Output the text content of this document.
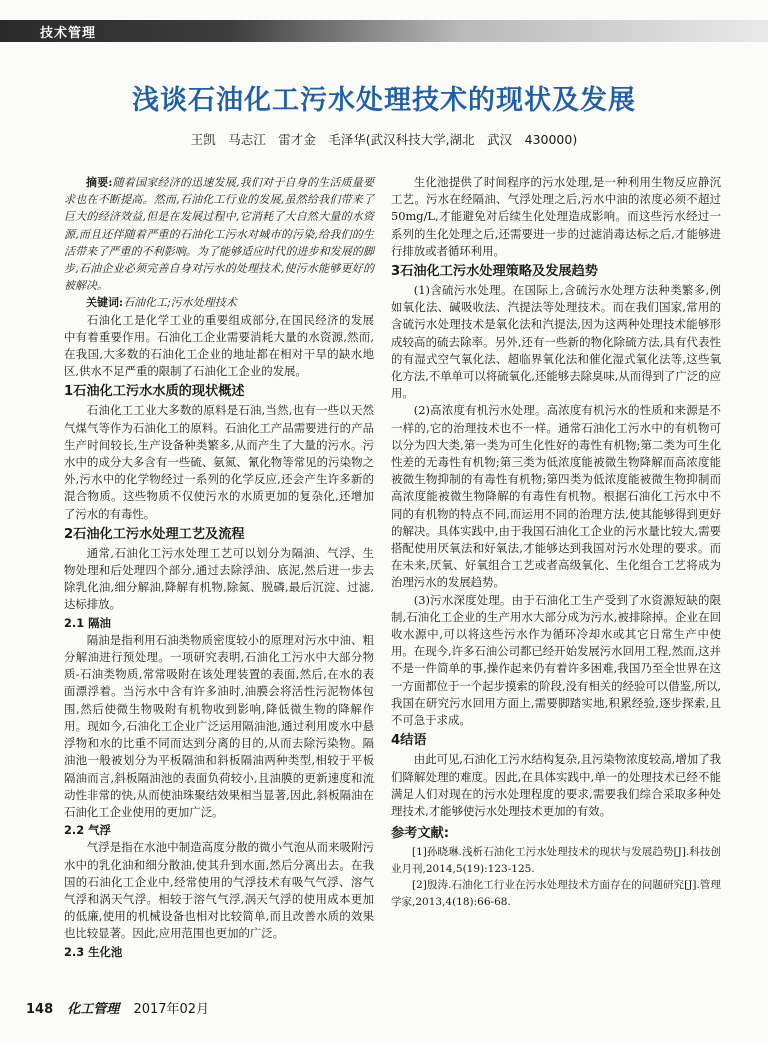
技术管理
浅谈石油化工污水处理技术的现状及发展
王凯　马志江　雷才金　毛泽华(武汉科技大学,湖北　武汉　430000)

摘要:随着国家经济的迅速发展,我们对于自身的生活质量要求也在不断提高。然而,石油化工行业的发展,虽然给我们带来了巨大的经济效益,但是在发展过程中,它消耗了大自然大量的水资源,而且还伴随着严重的石油化工污水对城市的污染,给我们的生活带来了严重的不利影响。为了能够适应时代的进步和发展的脚步,石油企业必须完善自身对污水的处理技术,使污水能够更好的被解决。

关键词:石油化工;污水处理技术

石油化工是化学工业的重要组成部分,在国民经济的发展中有着重要作用。石油化工企业需要消耗大量的水资源,然而,在我国,大多数的石油化工企业的地址都在相对干旱的缺水地区,供水不足严重的限制了石油化工企业的发展。

1石油化工污水水质的现状概述

石油化工工业大多数的原料是石油,当然,也有一些以天然气煤气等作为石油化工的原料。石油化工产品需要进行的产品生产时间较长,生产设备种类繁多,从而产生了大量的污水。污水中的成分大多含有一些硫、氨氮、氰化物等常见的污染物之外,污水中的化学物经过一系列的化学反应,还会产生许多新的混合物质。这些物质不仅使污水的水质更加的复杂化,还增加了污水的有毒性。

2石油化工污水处理工艺及流程

通常,石油化工污水处理工艺可以划分为隔油、气浮、生物处理和后处理四个部分,通过去除浮油、底泥,然后进一步去除乳化油,细分解油,降解有机物,除氮、脱磷,最后沉淀、过滤,达标排放。

2.1 隔油

隔油是指利用石油类物质密度较小的原理对污水中油、粗分解油进行预处理。一项研究表明,石油化工污水中大部分物质-石油类物质,常常吸附在该处理装置的表面,然后,在水的表面漂浮着。当污水中含有许多油时,油膜会将活性污泥物体包围,然后使微生物吸附有机物收到影响,降低微生物的降解作用。现如今,石油化工企业广泛运用隔油池,通过利用废水中悬浮物和水的比重不同而达到分离的目的,从而去除污染物。隔油池一般被划分为平板隔油和斜板隔油两种类型,相较于平板隔油而言,斜板隔油池的表面负荷较小,且油膜的更新速度和流动性非常的快,从而使油珠聚结效果相当显著,因此,斜板隔油在石油化工企业使用的更加广泛。

2.2 气浮

气浮是指在水池中制造高度分散的微小气泡从而来吸附污水中的乳化油和细分散油,使其升到水面,然后分离出去。在我国的石油化工企业中,经常使用的气浮技术有吸气气浮、溶气气浮和涡天气浮。相较于溶气气浮,涡天气浮的使用成本更加的低廉,使用的机械设备也相对比较简单,而且改善水质的效果也比较显著。因此,应用范围也更加的广泛。

2.3 生化池

生化池提供了时间程序的污水处理,是一种利用生物反应静沉工艺。污水在经隔油、气浮处理之后,污水中油的浓度必须不超过50mg/L,才能避免对后续生化处理造成影响。而这些污水经过一系列的生化处理之后,还需要进一步的过滤消毒达标之后,才能够进行排放或者循环利用。

3石油化工污水处理策略及发展趋势

(1)含硫污水处理。在国际上,含硫污水处理方法种类繁多,例如氧化法、碱吸收法、汽提法等处理技术。而在我们国家,常用的含硫污水处理技术是氧化法和汽提法,因为这两种处理技术能够形成较高的硫去除率。另外,还有一些新的物化除硫方法,具有代表性的有湿式空气氧化法、超临界氧化法和催化湿式氧化法等,这些氧化方法,不单单可以将硫氧化,还能够去除臭味,从而得到了广泛的应用。

(2)高浓度有机污水处理。高浓度有机污水的性质和来源是不一样的,它的治理技术也不一样。通常石油化工污水中的有机物可以分为四大类,第一类为可生化性好的毒性有机物;第二类为可生化性差的无毒性有机物;第三类为低浓度能被微生物降解而高浓度能被微生物抑制的有毒性有机物;第四类为低浓度能被微生物抑制而高浓度能被微生物降解的有毒性有机物。根据石油化工污水中不同的有机物的特点不同,而运用不同的治理方法,使其能够得到更好的解决。具体实践中,由于我国石油化工企业的污水量比较大,需要搭配使用厌氧法和好氧法,才能够达到我国对污水处理的要求。而在未来,厌氧、好氧组合工艺或者高级氧化、生化组合工艺将成为治理污水的发展趋势。

(3)污水深度处理。由于石油化工生产受到了水资源短缺的限制,石油化工企业的生产用水大部分成为污水,被排除掉。企业在回收水源中,可以将这些污水作为循环冷却水或其它日常生产中使用。在现今,许多石油公司都已经开始发展污水回用工程,然而,这并不是一件简单的事,操作起来仍有着许多困难,我国乃至全世界在这一方面都位于一个起步摸索的阶段,没有相关的经验可以借鉴,所以,我国在研究污水回用方面上,需要脚踏实地,积累经验,逐步探索,且不可急于求成。

4结语

由此可见,石油化工污水结构复杂,且污染物浓度较高,增加了我们降解处理的难度。因此,在具体实践中,单一的处理技术已经不能满足人们对现在的污水处理程度的要求,需要我们综合采取多种处理技术,才能够使污水处理技术更加的有效。

参考文献:

[1]孙晓琳.浅析石油化工污水处理技术的现状与发展趋势[J].科技创业月刊,2014,5(19):123-125.

[2]殷涛.石油化工行业在污水处理技术方面存在的问题研究[J].管理学家,2013,4(18):66-68.

148 化工管理 2017年02月
